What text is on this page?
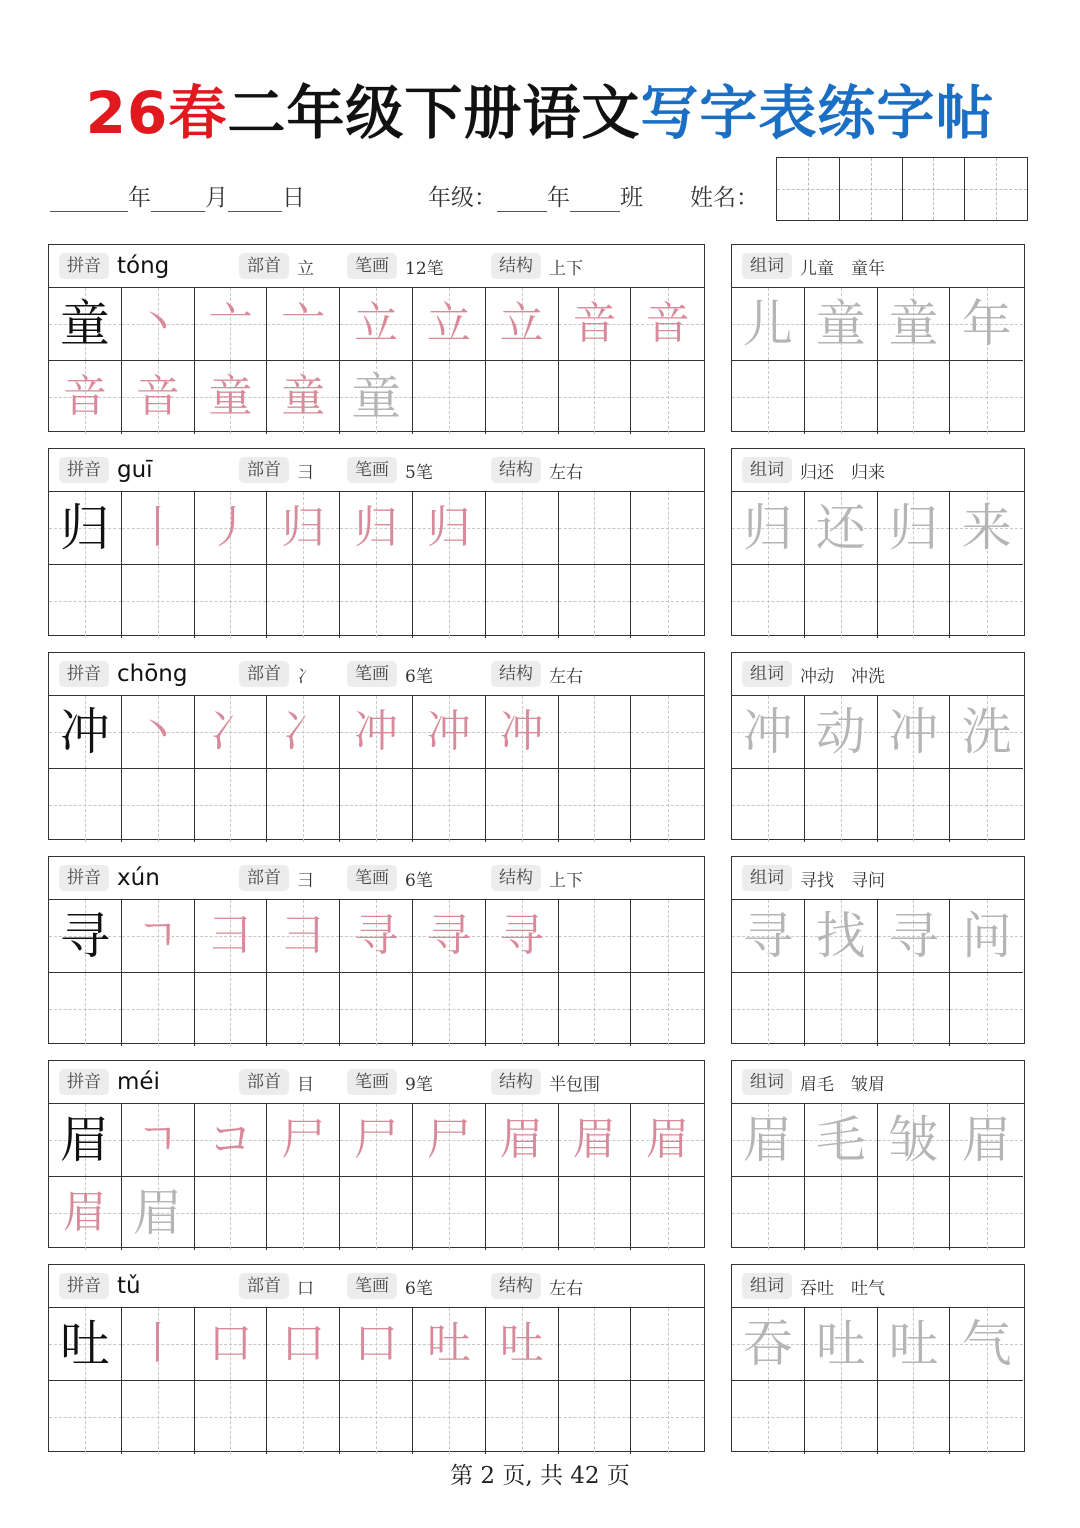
26春二年级下册语文写字表练字帖
年 月 日	年级： 年 班 姓名：
拼音 tóng	部首 立	笔画 12笔	结构 上下
童 丶 亠 亠 立 立 立 音 音
音 音 童 童 童
组词 儿童　童年
儿 童 童 年
拼音 guī	部首 彐	笔画 5笔	结构 左右
归 丨 丿 归 归 归
组词 归还　归来
归 还 归 来
拼音 chōng	部首 冫	笔画 6笔	结构 左右
冲 丶 冫 冫 冲 冲 冲
组词 冲动　冲洗
冲 动 冲 洗
拼音 xún	部首 彐	笔画 6笔	结构 上下
寻 ㄱ 彐 彐 寻 寻 寻
组词 寻找　寻问
寻 找 寻 问
拼音 méi	部首 目	笔画 9笔	结构 半包围
眉 ㄱ コ 尸 尸 尸 眉 眉 眉
眉 眉
组词 眉毛　皱眉
眉 毛 皱 眉
拼音 tǔ	部首 口	笔画 6笔	结构 左右
吐 丨 口 口 口 吐 吐
组词 吞吐　吐气
吞 吐 吐 气
第 2 页, 共 42 页
